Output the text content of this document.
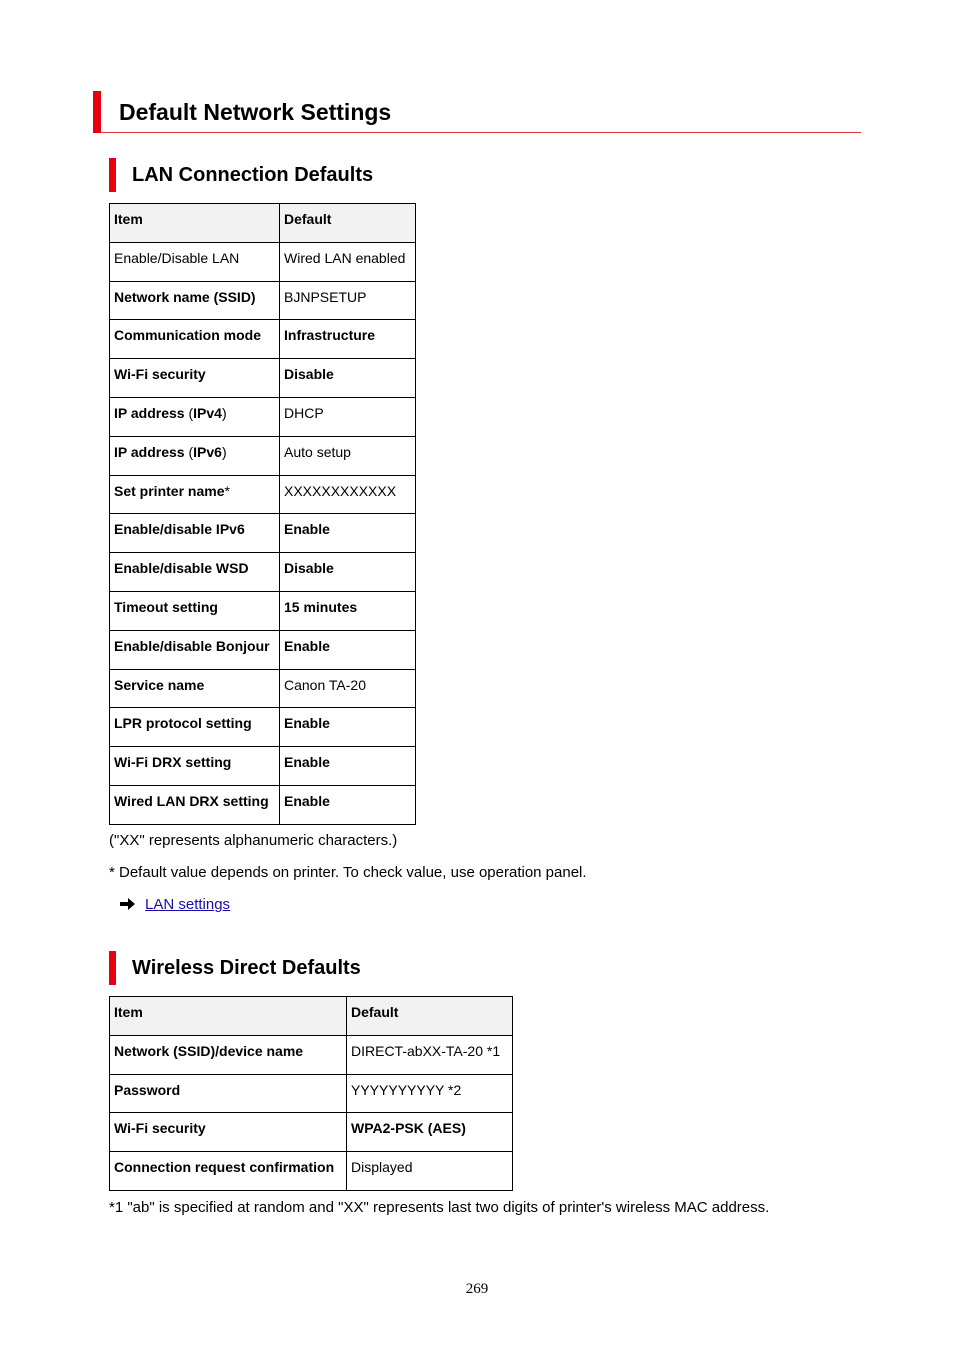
Default Network Settings
LAN Connection Defaults
Item	Default
Enable/Disable LAN	Wired LAN enabled
Network name (SSID)	BJNPSETUP
Communication mode	Infrastructure
Wi-Fi security	Disable
IP address (IPv4)	DHCP
IP address (IPv6)	Auto setup
Set printer name*	XXXXXXXXXXXX
Enable/disable IPv6	Enable
Enable/disable WSD	Disable
Timeout setting	15 minutes
Enable/disable Bonjour	Enable
Service name	Canon TA-20
LPR protocol setting	Enable
Wi-Fi DRX setting	Enable
Wired LAN DRX setting	Enable
("XX" represents alphanumeric characters.)
* Default value depends on printer. To check value, use operation panel.
LAN settings
Wireless Direct Defaults
Item	Default
Network (SSID)/device name	DIRECT-abXX-TA-20 *1
Password	YYYYYYYYYY *2
Wi-Fi security	WPA2-PSK (AES)
Connection request confirmation	Displayed
*1 "ab" is specified at random and "XX" represents last two digits of printer's wireless MAC address.
269
